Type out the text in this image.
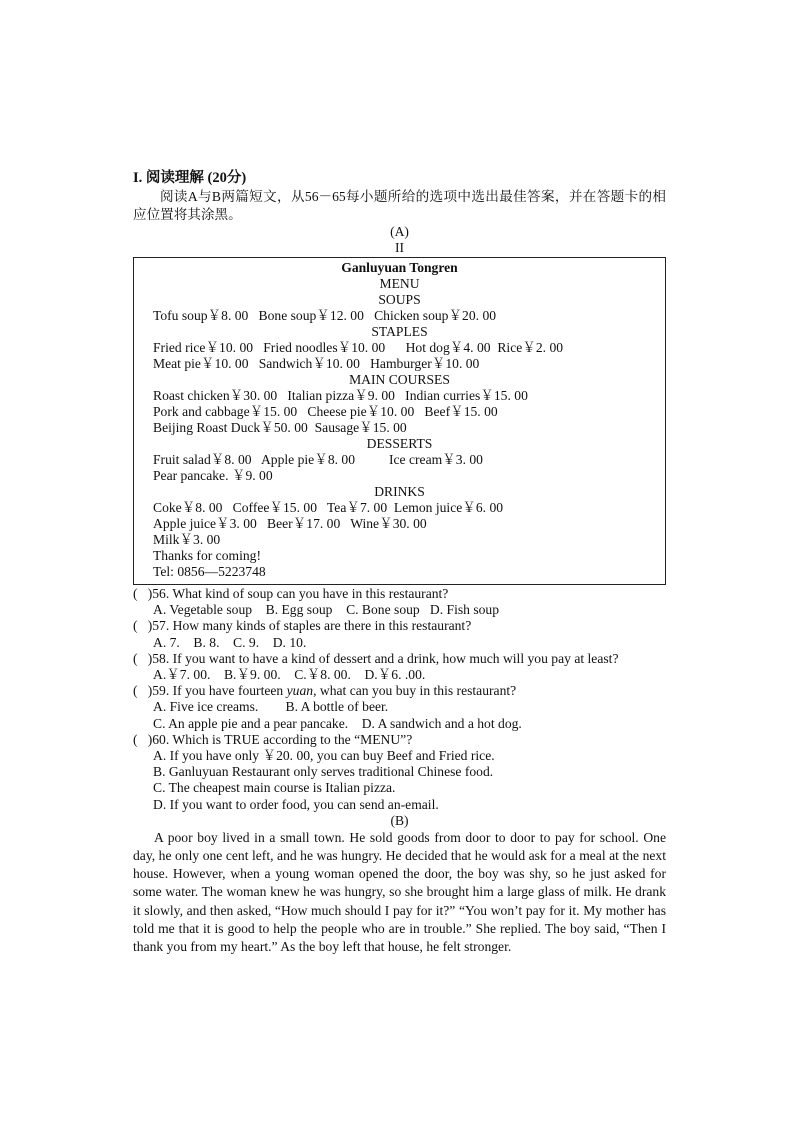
I. 阅读理解 (20分)

阅读A与B两篇短文，从56－65每小题所给的选项中选出最佳答案，并在答题卡的相应位置将其涂黑。

(A)
II
Ganluyuan Tongren
MENU
SOUPS
Tofu soup￥8. 00   Bone soup￥12. 00   Chicken soup￥20. 00
STAPLES
Fried rice￥10. 00   Fried noodles￥10. 00      Hot dog￥4. 00  Rice￥2. 00
Meat pie￥10. 00   Sandwich￥10. 00   Hamburger￥10. 00
MAIN COURSES
Roast chicken￥30. 00   Italian pizza￥9. 00   Indian curries￥15. 00
Pork and cabbage￥15. 00   Cheese pie￥10. 00   Beef￥15. 00
Beijing Roast Duck￥50. 00  Sausage￥15. 00
DESSERTS
Fruit salad￥8. 00   Apple pie￥8. 00          Ice cream￥3. 00
Pear pancake. ￥9. 00
DRINKS
Coke￥8. 00   Coffee￥15. 00   Tea￥7. 00  Lemon juice￥6. 00
Apple juice￥3. 00   Beer￥17. 00   Wine￥30. 00
Milk￥3. 00
Thanks for coming!
Tel: 0856—5223748

(   )56. What kind of soup can you have in this restaurant?

A. Vegetable soup    B. Egg soup    C. Bone soup   D. Fish soup

(   )57. How many kinds of staples are there in this restaurant?

A. 7.    B. 8.    C. 9.    D. 10.

(   )58. If you want to have a kind of dessert and a drink, how much will you pay at least?

A.￥7. 00.    B.￥9. 00.    C.￥8. 00.    D.￥6. .00.

(   )59. If you have fourteen yuan, what can you buy in this restaurant?

A. Five ice creams.        B. A bottle of beer.

C. An apple pie and a pear pancake.    D. A sandwich and a hot dog.

(   )60. Which is TRUE according to the “MENU”?

A. If you have only ￥20. 00, you can buy Beef and Fried rice.

B. Ganluyuan Restaurant only serves traditional Chinese food.

C. The cheapest main course is Italian pizza.

D. If you want to order food, you can send an-email.

(B)

A poor boy lived in a small town. He sold goods from door to door to pay for school. One day, he only one cent left, and he was hungry. He decided that he would ask for a meal at the next house. However, when a young woman opened the door, the boy was shy, so he just asked for some water. The woman knew he was hungry, so she brought him a large glass of milk. He drank it slowly, and then asked, “How much should I pay for it?” “You won’t pay for it. My mother has told me that it is good to help the people who are in trouble.” She replied. The boy said, “Then I thank you from my heart.” As the boy left that house, he felt stronger.
